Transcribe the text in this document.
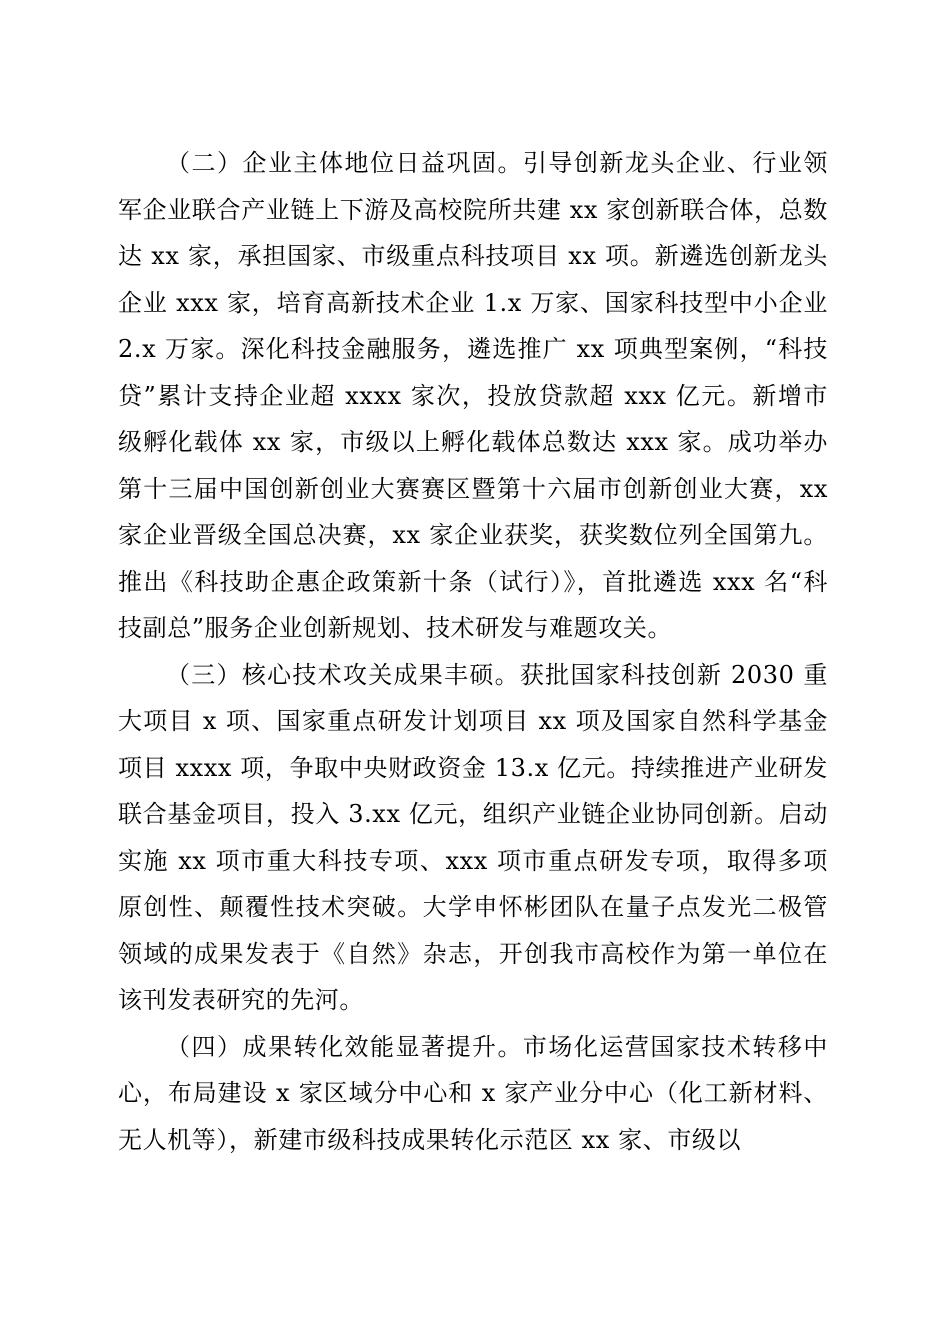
（二）企业主体地位日益巩固。引导创新龙头企业、行业领军企业联合产业链上下游及高校院所共建 xx 家创新联合体，总数达 xx 家，承担国家、市级重点科技项目 xx 项。新遴选创新龙头企业 xxx 家，培育高新技术企业 1.x 万家、国家科技型中小企业 2.x 万家。深化科技金融服务，遴选推广 xx 项典型案例，“科技贷”累计支持企业超 xxxx 家次，投放贷款超 xxx 亿元。新增市级孵化载体 xx 家，市级以上孵化载体总数达 xxx 家。成功举办第十三届中国创新创业大赛赛区暨第十六届市创新创业大赛，xx 家企业晋级全国总决赛，xx 家企业获奖，获奖数位列全国第九。推出《科技助企惠企政策新十条（试行）》，首批遴选 xxx 名“科技副总”服务企业创新规划、技术研发与难题攻关。

（三）核心技术攻关成果丰硕。获批国家科技创新 2030 重大项目 x 项、国家重点研发计划项目 xx 项及国家自然科学基金项目 xxxx 项，争取中央财政资金 13.x 亿元。持续推进产业研发联合基金项目，投入 3.xx 亿元，组织产业链企业协同创新。启动实施 xx 项市重大科技专项、xxx 项市重点研发专项，取得多项原创性、颠覆性技术突破。大学申怀彬团队在量子点发光二极管领域的成果发表于《自然》杂志，开创我市高校作为第一单位在该刊发表研究的先河。

（四）成果转化效能显著提升。市场化运营国家技术转移中心，布局建设 x 家区域分中心和 x 家产业分中心（化工新材料、无人机等），新建市级科技成果转化示范区 xx 家、市级以
